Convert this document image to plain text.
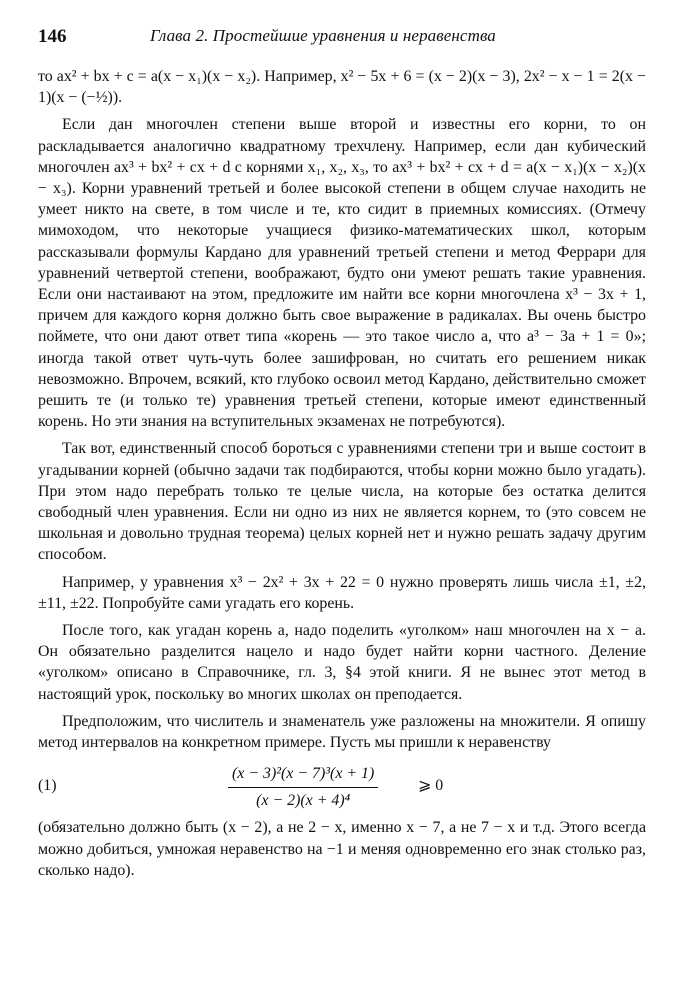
146	Глава 2. Простейшие уравнения и неравенства

то ax² + bx + c = a(x − x₁)(x − x₂). Например, x² − 5x + 6 = (x − 2)(x − 3), 2x² − x − 1 = 2(x − 1)(x − (−½)).

Если дан многочлен степени выше второй и известны его корни, то он раскладывается аналогично квадратному трехчлену. Например, если дан кубический многочлен ax³ + bx² + cx + d с корнями x₁, x₂, x₃, то ax³ + bx² + cx + d = a(x − x₁)(x − x₂)(x − x₃). Корни уравнений третьей и более высокой степени в общем случае находить не умеет никто на свете, в том числе и те, кто сидит в приемных комиссиях. (Отмечу мимоходом, что некоторые учащиеся физико-математических школ, которым рассказывали формулы Кардано для уравнений третьей степени и метод Феррари для уравнений четвертой степени, воображают, будто они умеют решать такие уравнения. Если они настаивают на этом, предложите им найти все корни многочлена x³ − 3x + 1, причем для каждого корня должно быть свое выражение в радикалах. Вы очень быстро поймете, что они дают ответ типа «корень — это такое число a, что a³ − 3a + 1 = 0»; иногда такой ответ чуть-чуть более зашифрован, но считать его решением никак невозможно. Впрочем, всякий, кто глубоко освоил метод Кардано, действительно сможет решить те (и только те) уравнения третьей степени, которые имеют единственный корень. Но эти знания на вступительных экзаменах не потребуются).

Так вот, единственный способ бороться с уравнениями степени три и выше состоит в угадывании корней (обычно задачи так подбираются, чтобы корни можно было угадать). При этом надо перебрать только те целые числа, на которые без остатка делится свободный член уравнения. Если ни одно из них не является корнем, то (это совсем не школьная и довольно трудная теорема) целых корней нет и нужно решать задачу другим способом.

Например, у уравнения x³ − 2x² + 3x + 22 = 0 нужно проверять лишь числа ±1, ±2, ±11, ±22. Попробуйте сами угадать его корень.

После того, как угадан корень a, надо поделить «уголком» наш многочлен на x − a. Он обязательно разделится нацело и надо будет найти корни частного. Деление «уголком» описано в Справочнике, гл. 3, §4 этой книги. Я не вынес этот метод в настоящий урок, поскольку во многих школах он преподается.

Предположим, что числитель и знаменатель уже разложены на множители. Я опишу метод интервалов на конкретном примере. Пусть мы пришли к неравенству

(1)	$\frac{\text{(x − 3)²(x − 7)³(x + 1)}}{\text{(x − 2)(x + 4)⁴}}$ ⩾ 0

(обязательно должно быть (x − 2), а не 2 − x, именно x − 7, а не 7 − x и т.д. Этого всегда можно добиться, умножая неравенство на −1 и меняя одновременно его знак столько раз, сколько надо).
